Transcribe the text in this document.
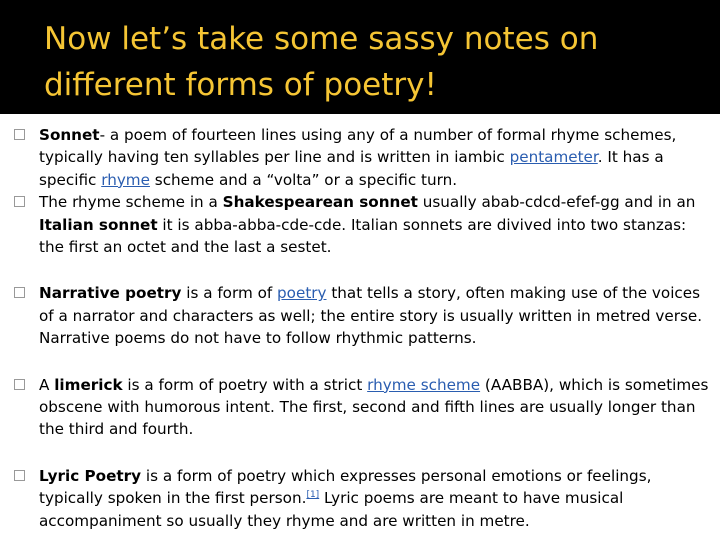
Now let’s take some sassy notes on different forms of poetry!
Sonnet- a poem of fourteen lines using any of a number of formal rhyme schemes, typically having ten syllables per line and is written in iambic pentameter. It has a specific rhyme scheme and a “volta” or a specific turn.
The rhyme scheme in a Shakespearean sonnet usually abab-cdcd-efef-gg and in an Italian sonnet it is abba-abba-cde-cde. Italian sonnets are divived into two stanzas: the first an octet and the last a sestet.
Narrative poetry is a form of poetry that tells a story, often making use of the voices of a narrator and characters as well; the entire story is usually written in metred verse. Narrative poems do not have to follow rhythmic patterns.
A limerick is a form of poetry with a strict rhyme scheme (AABBA), which is sometimes obscene with humorous intent. The first, second and fifth lines are usually longer than the third and fourth.
Lyric Poetry is a form of poetry which expresses personal emotions or feelings, typically spoken in the first person.[1] Lyric poems are meant to have musical accompaniment so usually they rhyme and are written in metre.
